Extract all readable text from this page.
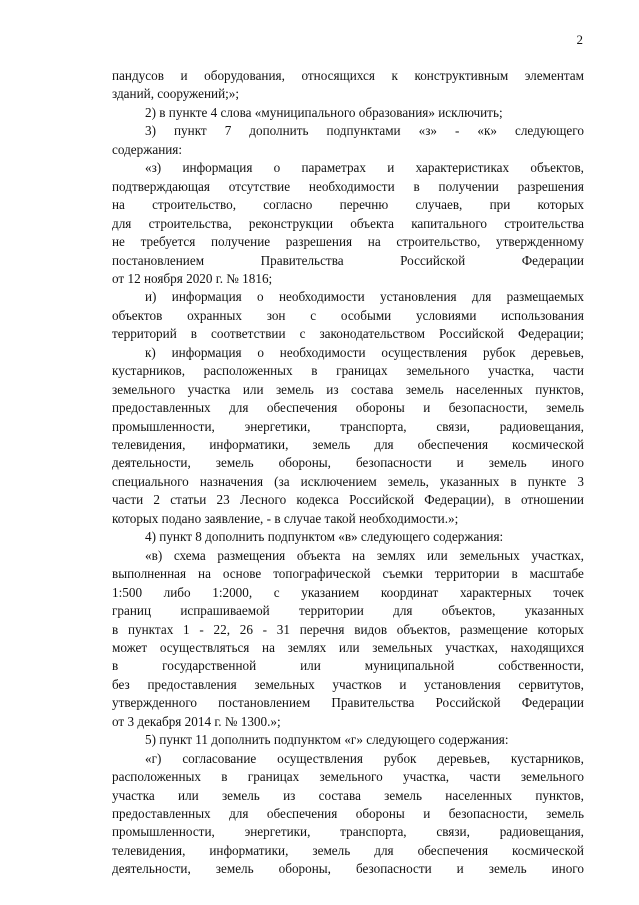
2
пандусов и оборудования, относящихся к конструктивным элементам
зданий, сооружений;»;
2) в пункте 4 слова «муниципального образования» исключить;
3) пункт 7 дополнить подпунктами «з» - «к» следующего
содержания:
«з) информация о параметрах и характеристиках объектов,
подтверждающая отсутствие необходимости в получении разрешения
на строительство, согласно перечню случаев, при которых
для строительства, реконструкции объекта капитального строительства
не требуется получение разрешения на строительство, утвержденному
постановлением	Правительства	Российской	Федерации
от 12 ноября 2020 г. № 1816;
и) информация о необходимости установления для размещаемых
объектов охранных зон с особыми условиями использования
территорий в соответствии с законодательством Российской Федерации;
к) информация о необходимости осуществления рубок деревьев,
кустарников, расположенных в границах земельного участка, части
земельного участка или земель из состава земель населенных пунктов,
предоставленных для обеспечения обороны и безопасности, земель
промышленности, энергетики, транспорта, связи, радиовещания,
телевидения, информатики, земель для обеспечения космической
деятельности, земель обороны, безопасности и земель иного
специального назначения (за исключением земель, указанных в пункте 3
части 2 статьи 23 Лесного кодекса Российской Федерации), в отношении
которых подано заявление, - в случае такой необходимости.»;
4) пункт 8 дополнить подпунктом «в» следующего содержания:
«в) схема размещения объекта на землях или земельных участках,
выполненная на основе топографической съемки территории в масштабе
1:500 либо 1:2000, с указанием координат характерных точек
границ испрашиваемой территории для объектов, указанных
в пунктах 1 - 22, 26 - 31 перечня видов объектов, размещение которых
может осуществляться на землях или земельных участках, находящихся
в	государственной	или	муниципальной	собственности,
без предоставления земельных участков и установления сервитутов,
утвержденного постановлением Правительства Российской Федерации
от 3 декабря 2014 г. № 1300.»;
5) пункт 11 дополнить подпунктом «г» следующего содержания:
«г) согласование осуществления рубок деревьев, кустарников,
расположенных в границах земельного участка, части земельного
участка или земель из состава земель населенных пунктов,
предоставленных для обеспечения обороны и безопасности, земель
промышленности, энергетики, транспорта, связи, радиовещания,
телевидения, информатики, земель для обеспечения космической
деятельности, земель обороны, безопасности и земель иного
